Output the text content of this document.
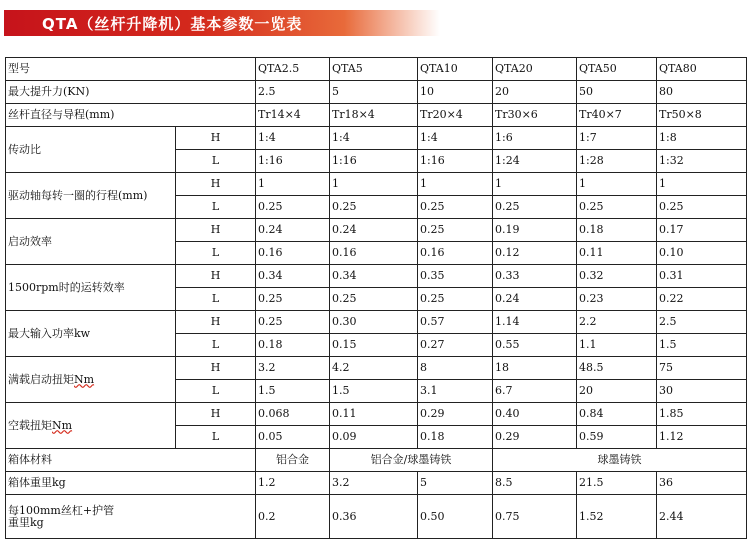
QTA（丝杆升降机）基本参数一览表
型号		QTA2.5	QTA5	QTA10	QTA20	QTA50	QTA80
最大提升力(KN)		2.5	5	10	20	50	80
丝杆直径与导程(mm)		Tr14×4	Tr18×4	Tr20×4	Tr30×6	Tr40×7	Tr50×8
传动比	H	1:4	1:4	1:4	1:6	1:7	1:8
	L	1:16	1:16	1:16	1:24	1:28	1:32
驱动轴每转一圈的行程(mm)	H	1	1	1	1	1	1
	L	0.25	0.25	0.25	0.25	0.25	0.25
启动效率	H	0.24	0.24	0.25	0.19	0.18	0.17
	L	0.16	0.16	0.16	0.12	0.11	0.10
1500rpm时的运转效率	H	0.34	0.34	0.35	0.33	0.32	0.31
	L	0.25	0.25	0.25	0.24	0.23	0.22
最大输入功率kw	H	0.25	0.30	0.57	1.14	2.2	2.5
	L	0.18	0.15	0.27	0.55	1.1	1.5
满载启动扭矩Nm	H	3.2	4.2	8	18	48.5	75
	L	1.5	1.5	3.1	6.7	20	30
空载扭矩Nm	H	0.068	0.11	0.29	0.40	0.84	1.85
	L	0.05	0.09	0.18	0.29	0.59	1.12
箱体材料		铝合金	铝合金/球墨铸铁		球墨铸铁		
箱体重里kg		1.2	3.2	5	8.5	21.5	36

每100mm丝杠+护管
重里kg		0.2	0.36	0.50	0.75	1.52	2.44
